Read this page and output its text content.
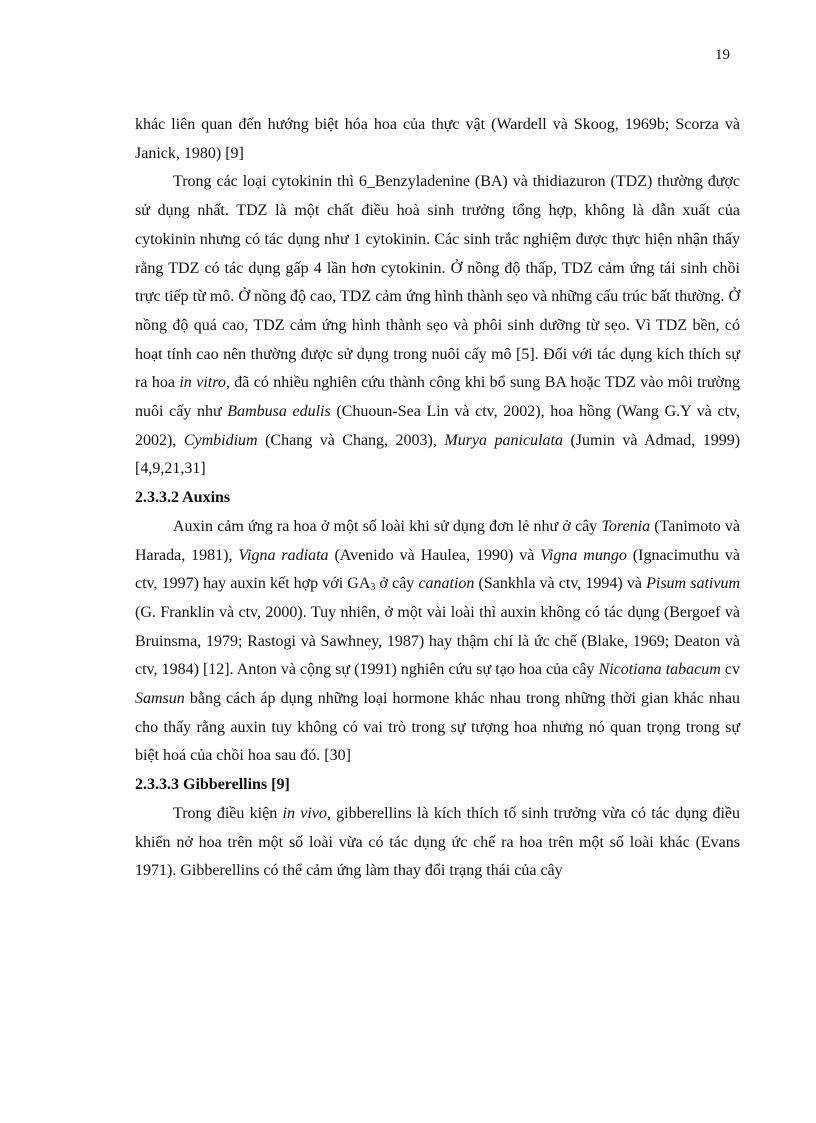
19

khác liên quan đến hướng biệt hóa hoa của thực vật (Wardell và Skoog, 1969b; Scorza và Janick, 1980) [9]

Trong các loại cytokinin thì 6_Benzyladenine (BA) và thidiazuron (TDZ) thường được sử dụng nhất. TDZ là một chất điều hoà sinh trưởng tổng hợp, không là dẫn xuất của cytokinin nhưng có tác dụng như 1 cytokinin. Các sinh trắc nghiệm được thực hiện nhận thấy rằng TDZ có tác dụng gấp 4 lần hơn cytokinin. Ở nồng độ thấp, TDZ cảm ứng tái sinh chồi trực tiếp từ mô. Ở nồng độ cao, TDZ cảm ứng hình thành sẹo và những cấu trúc bất thường. Ở nồng độ quá cao, TDZ cảm ứng hình thành sẹo và phôi sinh dưỡng từ sẹo. Vì TDZ bền, có hoạt tính cao nên thường được sử dụng trong nuôi cấy mô [5]. Đối với tác dụng kích thích sự ra hoa in vitro, đã có nhiều nghiên cứu thành công khi bổ sung BA hoặc TDZ vào môi trường nuôi cấy như Bambusa edulis (Chuoun-Sea Lin và ctv, 2002), hoa hồng (Wang G.Y và ctv, 2002), Cymbidium (Chang và Chang, 2003), Murya paniculata (Jumin và Admad, 1999) [4,9,21,31]

2.3.3.2 Auxins

Auxin cảm ứng ra hoa ở một số loài khi sử dụng đơn lẻ như ở cây Torenia (Tanimoto và Harada, 1981), Vigna radiata (Avenido và Haulea, 1990) và Vigna mungo (Ignacimuthu và ctv, 1997) hay auxin kết hợp với $GA_3$ ở cây canation (Sankhla và ctv, 1994) và Pisum sativum (G. Franklin và ctv, 2000). Tuy nhiên, ở một vài loài thì auxin không có tác dụng (Bergoef và Bruinsma, 1979; Rastogi và Sawhney, 1987) hay thậm chí là ức chế (Blake, 1969; Deaton và ctv, 1984) [12]. Anton và cộng sự (1991) nghiên cứu sự tạo hoa của cây Nicotiana tabacum cv Samsun bằng cách áp dụng những loại hormone khác nhau trong những thời gian khác nhau cho thấy rằng auxin tuy không có vai trò trong sự tượng hoa nhưng nó quan trọng trong sự biệt hoá của chồi hoa sau đó. [30]

2.3.3.3 Gibberellins [9]

Trong điều kiện in vivo, gibberellins là kích thích tố sinh trưởng vừa có tác dụng điều khiển nở hoa trên một số loài vừa có tác dụng ức chế ra hoa trên một số loài khác (Evans 1971). Gibberellins có thể cảm ứng làm thay đổi trạng thái của cây
